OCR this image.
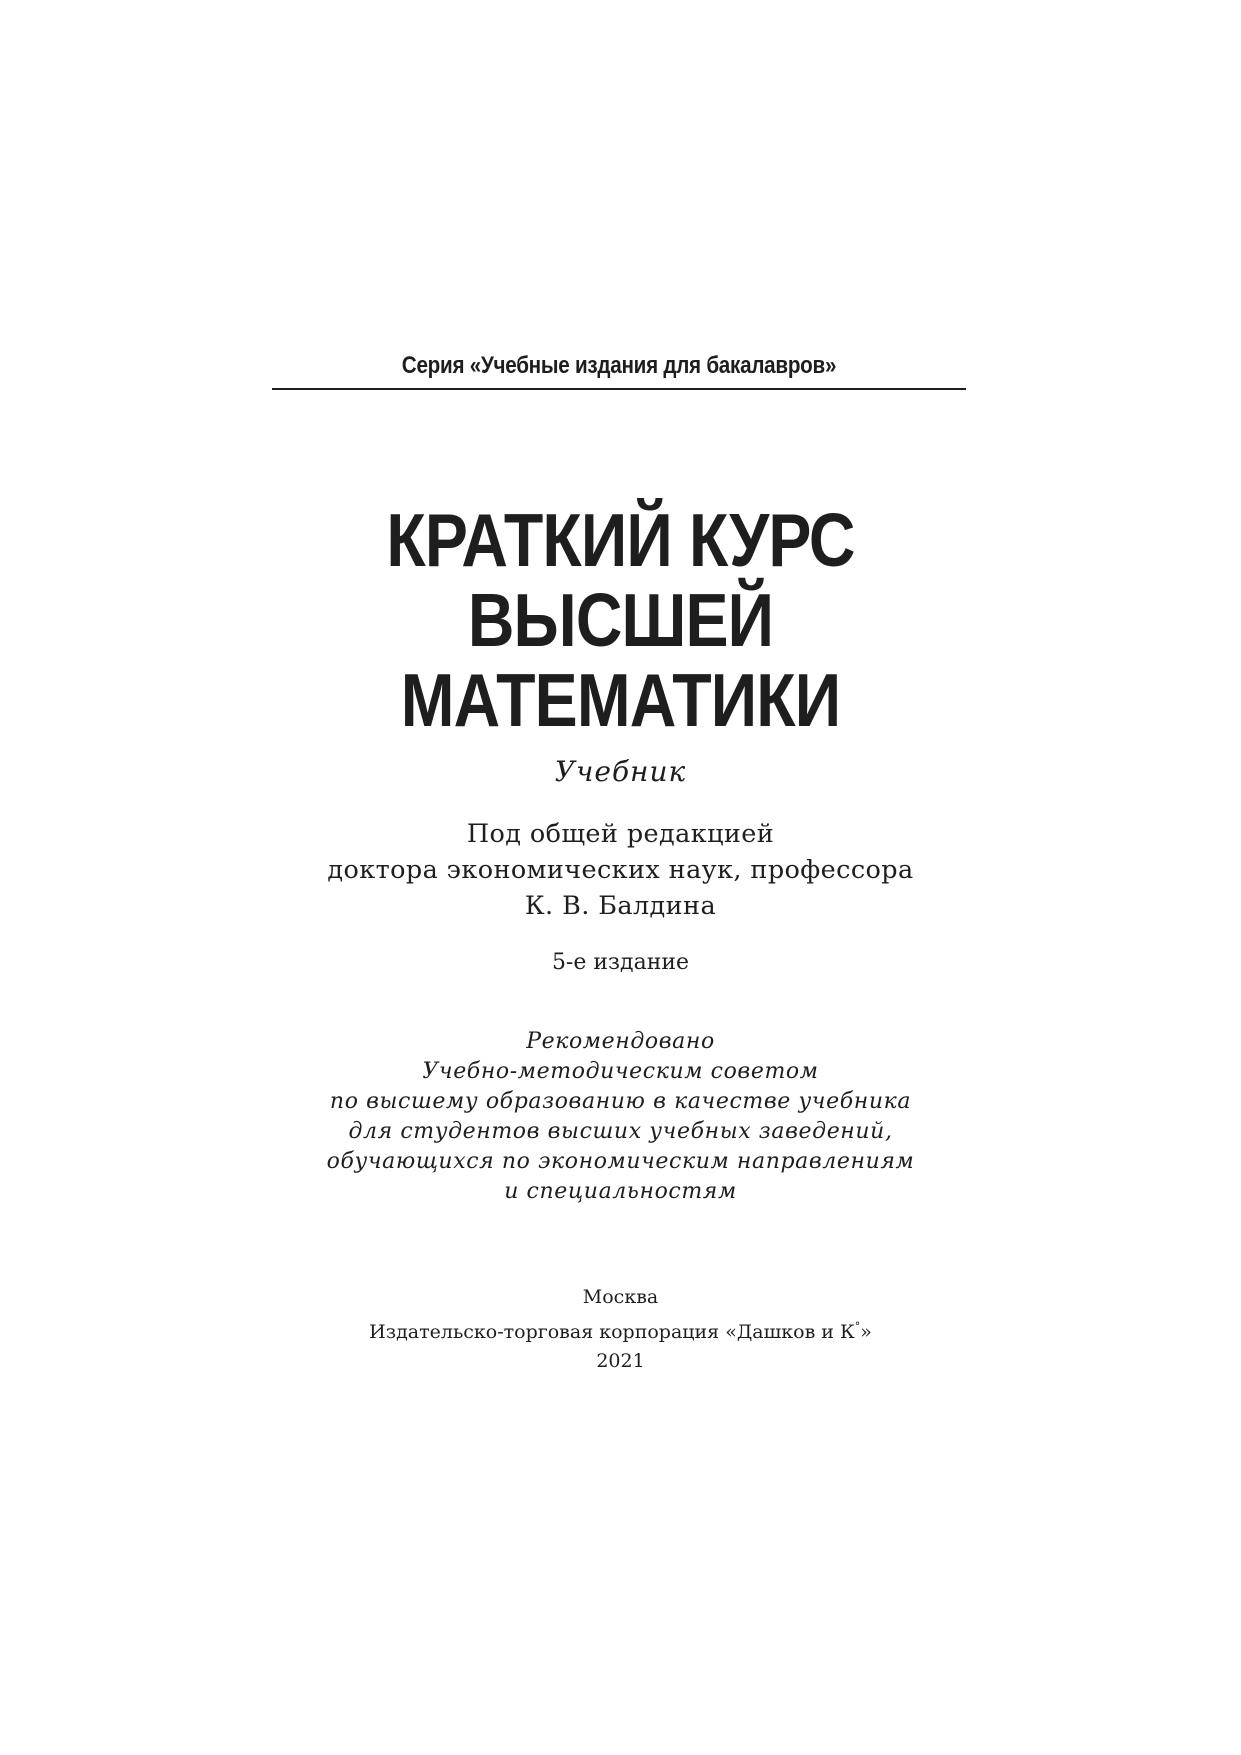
Серия «Учебные издания для бакалавров»
КРАТКИЙ КУРС
ВЫСШЕЙ
МАТЕМАТИКИ
Учебник
Под общей редакцией
доктора экономических наук, профессора
К. В. Балдина
5-е издание
Рекомендовано
Учебно-методическим советом
по высшему образованию в качестве учебника
для студентов высших учебных заведений,
обучающихся по экономическим направлениям
и специальностям
Москва
Издательско-торговая корпорация «Дашков и К°»
2021
